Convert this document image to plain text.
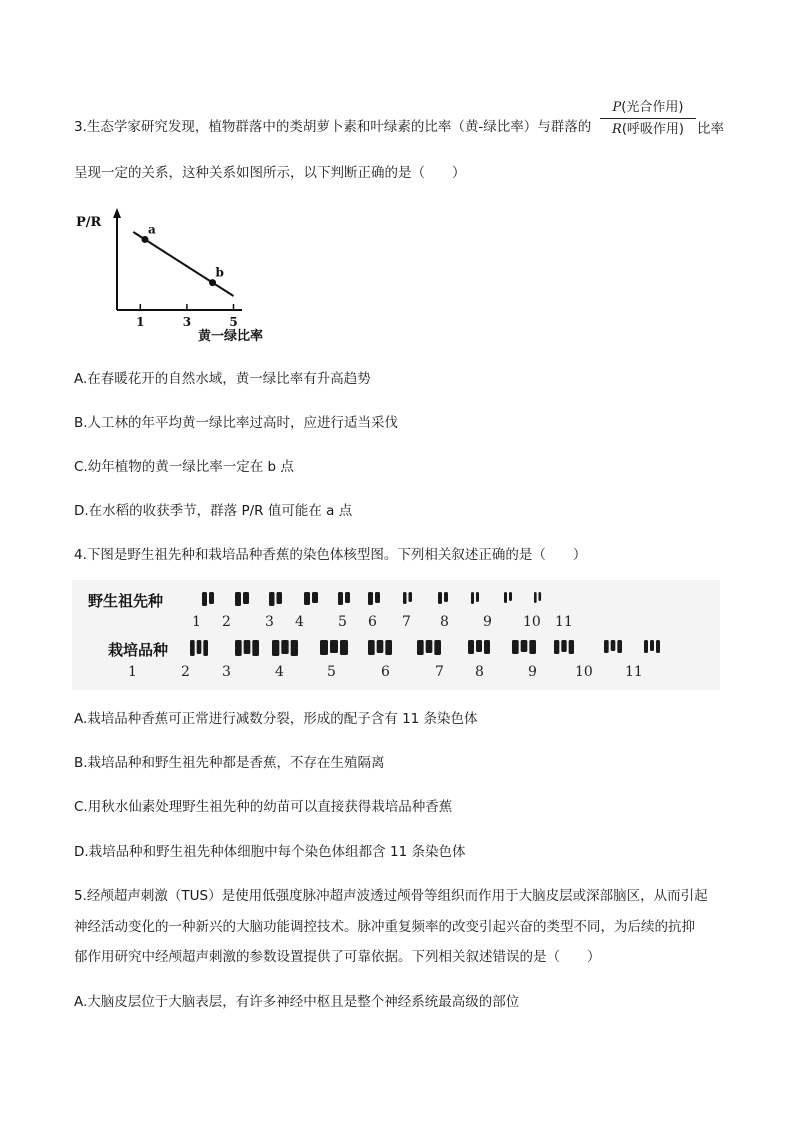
3.生态学家研究发现，植物群落中的类胡萝卜素和叶绿素的比率（黄-绿比率）与群落的
P(光合作用)
R(呼吸作用) 比率
呈现一定的关系，这种关系如图所示，以下判断正确的是（　　）
P/R
1	3	5
a
b
黄一绿比率
A.在春暖花开的自然水域，黄一绿比率有升高趋势
B.人工林的年平均黄一绿比率过高时，应进行适当采伐
C.幼年植物的黄一绿比率一定在 b 点
D.在水稻的收获季节，群落 P/R 值可能在 a 点
4.下图是野生祖先种和栽培品种香蕉的染色体核型图。下列相关叙述正确的是（　　）
野生祖先种
栽培品种
1 2 3 4 5 6 7 8 9 10 11
1	2 3	4	5	6	7 8	9	10 11
A.栽培品种香蕉可正常进行减数分裂，形成的配子含有 11 条染色体
B.栽培品种和野生祖先种都是香蕉，不存在生殖隔离
C.用秋水仙素处理野生祖先种的幼苗可以直接获得栽培品种香蕉
D.栽培品种和野生祖先种体细胞中每个染色体组都含 11 条染色体
5.经颅超声刺激（TUS）是使用低强度脉冲超声波透过颅骨等组织而作用于大脑皮层或深部脑区，从而引起
神经活动变化的一种新兴的大脑功能调控技术。脉冲重复频率的改变引起兴奋的类型不同，为后续的抗抑
郁作用研究中经颅超声刺激的参数设置提供了可靠依据。下列相关叙述错误的是（　　）
A.大脑皮层位于大脑表层，有许多神经中枢且是整个神经系统最高级的部位
